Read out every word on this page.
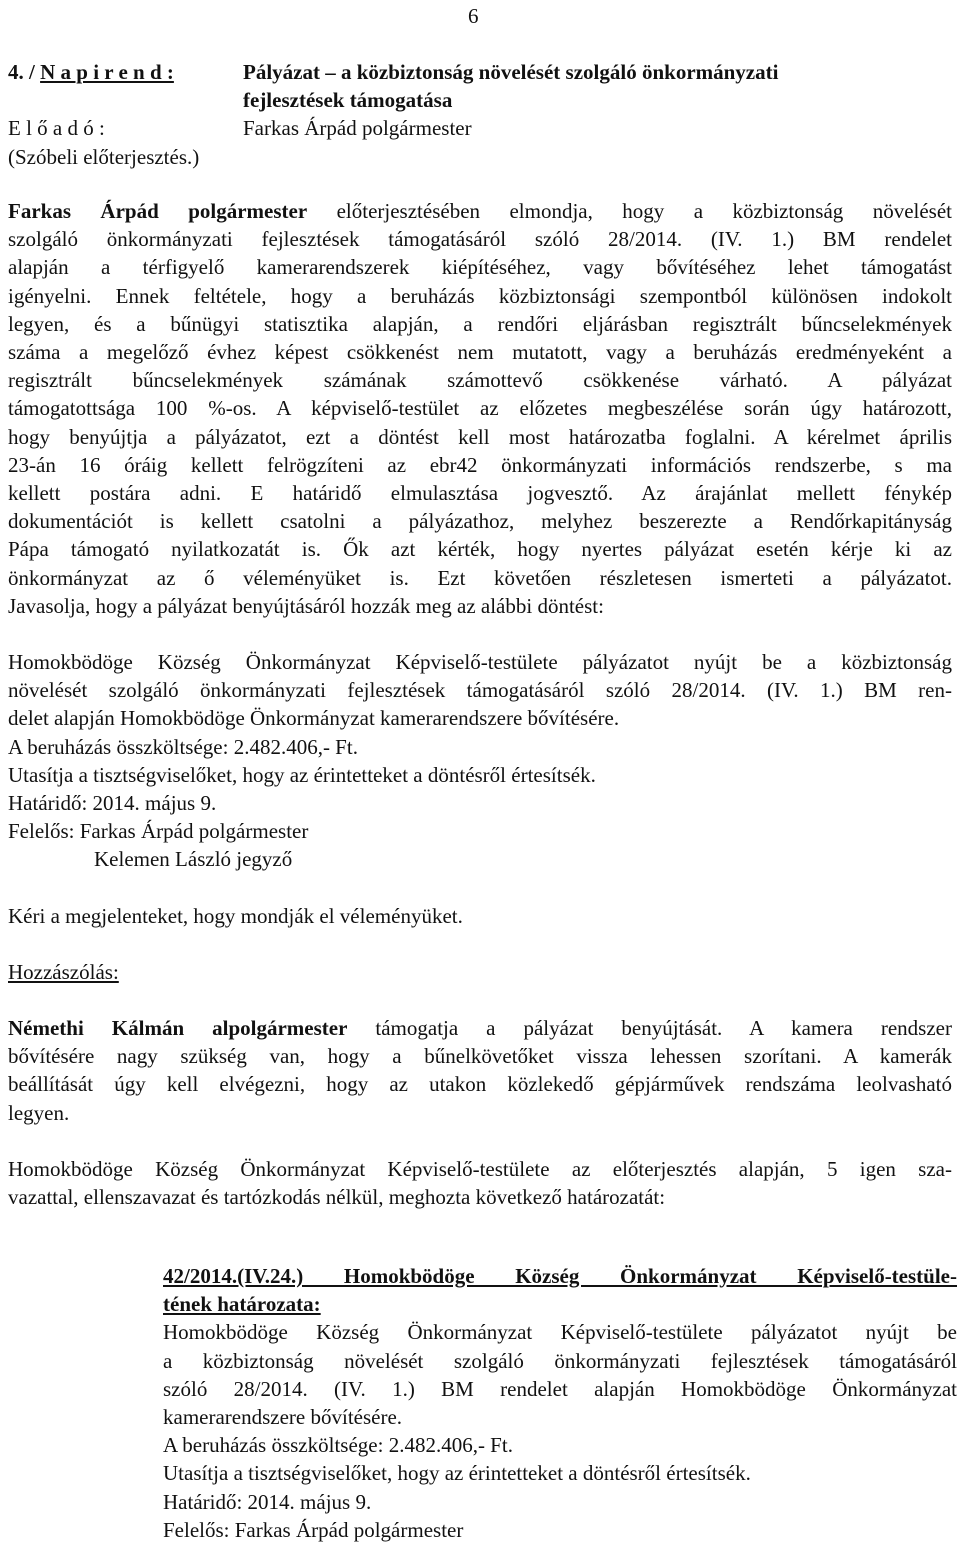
6
4. / N a p i r e n d :	Pályázat – a közbiztonság növelését szolgáló önkormányzati
fejlesztések támogatása
E l ő a d ó :	Farkas Árpád polgármester
(Szóbeli előterjesztés.)

Farkas Árpád polgármester előterjesztésében elmondja, hogy a közbiztonság növelését

szolgáló önkormányzati fejlesztések támogatásáról szóló 28/2014. (IV. 1.) BM rendelet

alapján a térfigyelő kamerarendszerek kiépítéséhez, vagy bővítéséhez lehet támogatást

igényelni. Ennek feltétele, hogy a beruházás közbiztonsági szempontból különösen indokolt

legyen, és a bűnügyi statisztika alapján, a rendőri eljárásban regisztrált bűncselekmények

száma a megelőző évhez képest csökkenést nem mutatott, vagy a beruházás eredményeként a

regisztrált bűncselekmények számának számottevő csökkenése várható. A pályázat

támogatottsága 100 %-os. A képviselő-testület az előzetes megbeszélése során úgy határozott,

hogy benyújtja a pályázatot, ezt a döntést kell most határozatba foglalni. A kérelmet április

23-án 16 óráig kellett felrögzíteni az ebr42 önkormányzati információs rendszerbe, s ma

kellett postára adni. E határidő elmulasztása jogvesztő. Az árajánlat mellett fénykép

dokumentációt is kellett csatolni a pályázathoz, melyhez beszerezte a Rendőrkapitányság

Pápa támogató nyilatkozatát is. Ők azt kérték, hogy nyertes pályázat esetén kérje ki az

önkormányzat az ő véleményüket is. Ezt követően részletesen ismerteti a pályázatot.

Javasolja, hogy a pályázat benyújtásáról hozzák meg az alábbi döntést:

Homokbödöge Község Önkormányzat Képviselő-testülete pályázatot nyújt be a közbiztonság

növelését szolgáló önkormányzati fejlesztések támogatásáról szóló 28/2014. (IV. 1.) BM ren-

delet alapján Homokbödöge Önkormányzat kamerarendszere bővítésére.

A beruházás összköltsége: 2.482.406,- Ft.

Utasítja a tisztségviselőket, hogy az érintetteket a döntésről értesítsék.

Határidő: 2014. május 9.

Felelős: Farkas Árpád polgármester

Kelemen László jegyző

Kéri a megjelenteket, hogy mondják el véleményüket.

Hozzászólás:

Némethi Kálmán alpolgármester támogatja a pályázat benyújtását. A kamera rendszer

bővítésére nagy szükség van, hogy a bűnelkövetőket vissza lehessen szorítani. A kamerák

beállítását úgy kell elvégezni, hogy az utakon közlekedő gépjárművek rendszáma leolvasható

legyen.

Homokbödöge Község Önkormányzat Képviselő-testülete az előterjesztés alapján, 5 igen sza-

vazattal, ellenszavazat és tartózkodás nélkül, meghozta következő határozatát:

42/2014.(IV.24.) Homokbödöge Község Önkormányzat Képviselő-testüle-

tének határozata:

Homokbödöge Község Önkormányzat Képviselő-testülete pályázatot nyújt be

a közbiztonság növelését szolgáló önkormányzati fejlesztések támogatásáról

szóló 28/2014. (IV. 1.) BM rendelet alapján Homokbödöge Önkormányzat

kamerarendszere bővítésére.

A beruházás összköltsége: 2.482.406,- Ft.

Utasítja a tisztségviselőket, hogy az érintetteket a döntésről értesítsék.

Határidő: 2014. május 9.

Felelős: Farkas Árpád polgármester
